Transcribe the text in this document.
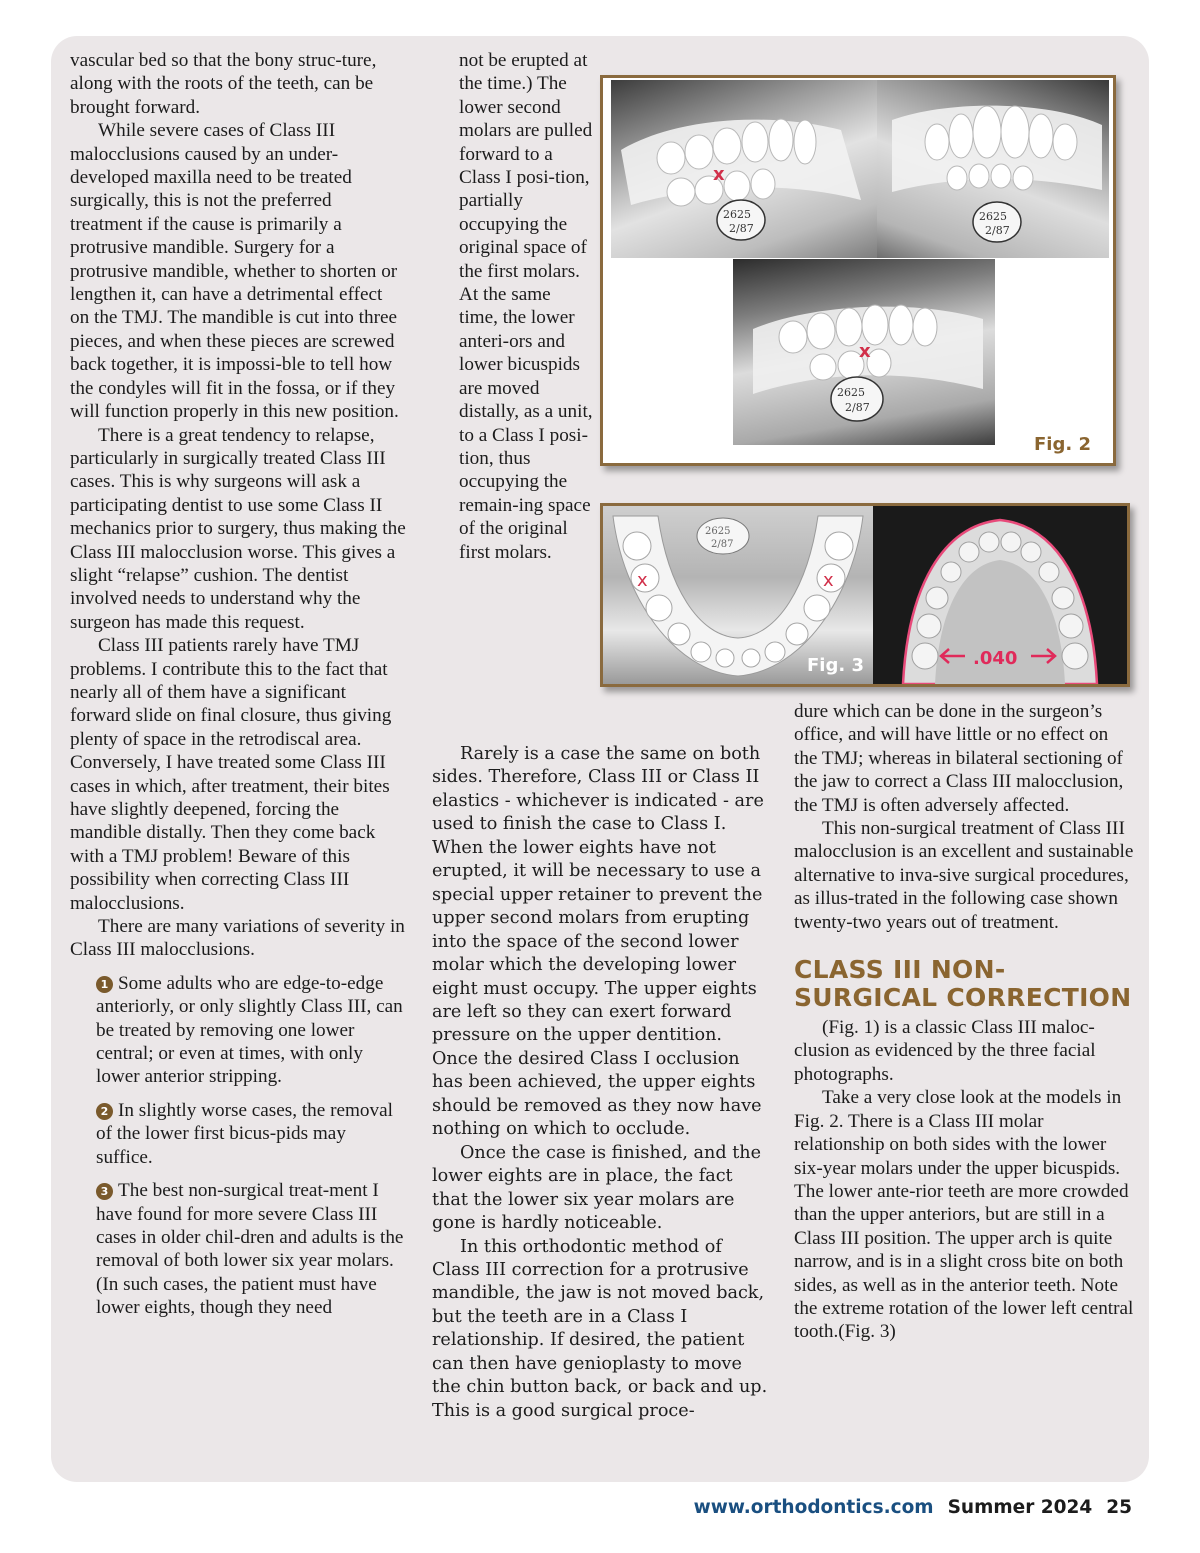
vascular bed so that the bony struc-ture, along with the roots of the teeth, can be brought forward.

While severe cases of Class III malocclusions caused by an under-developed maxilla need to be treated surgically, this is not the preferred treatment if the cause is primarily a protrusive mandible. Surgery for a protrusive mandible, whether to shorten or lengthen it, can have a detrimental effect on the TMJ. The mandible is cut into three pieces, and when these pieces are screwed back together, it is impossi-ble to tell how the condyles will fit in the fossa, or if they will function properly in this new position.

There is a great tendency to relapse, particularly in surgically treated Class III cases. This is why surgeons will ask a participating dentist to use some Class II mechanics prior to surgery, thus making the Class III malocclusion worse. This gives a slight “relapse” cushion. The dentist involved needs to understand why the surgeon has made this request.

Class III patients rarely have TMJ problems. I contribute this to the fact that nearly all of them have a significant forward slide on final closure, thus giving plenty of space in the retrodiscal area. Conversely, I have treated some Class III cases in which, after treatment, their bites have slightly deepened, forcing the mandible distally. Then they come back with a TMJ problem! Beware of this possibility when correcting Class III malocclusions.

There are many variations of severity in Class III malocclusions.

1 Some adults who are edge-to-edge anteriorly, or only slightly Class III, can be treated by removing one lower central; or even at times, with only lower anterior stripping.
2 In slightly worse cases, the removal of the lower first bicus-pids may suffice.
3 The best non-surgical treat-ment I have found for more severe Class III cases in older chil-dren and adults is the removal of both lower six year molars. (In such cases, the patient must have lower eights, though they need

not be erupted at the time.) The lower second molars are pulled forward to a Class I posi-tion, partially occupying the original space of the first molars. At the same time, the lower anteri-ors and lower bicuspids are moved distally, as a unit, to a Class I posi-tion, thus occupying the remain-ing space of the original first molars.

Rarely is a case the same on both sides. Therefore, Class III or Class II elastics - whichever is indicated - are used to finish the case to Class I. When the lower eights have not erupted, it will be necessary to use a special upper retainer to prevent the upper second molars from erupting into the space of the second lower molar which the developing lower eight must occupy. The upper eights are left so they can exert forward pressure on the upper dentition. Once the desired Class I occlusion has been achieved, the upper eights should be removed as they now have nothing on which to occlude.

Once the case is finished, and the lower eights are in place, the fact that the lower six year molars are gone is hardly noticeable.

In this orthodontic method of Class III correction for a protrusive mandible, the jaw is not moved back, but the teeth are in a Class I relationship. If desired, the patient can then have genioplasty to move the chin button back, or back and up. This is a good surgical proce-

dure which can be done in the surgeon’s office, and will have little or no effect on the TMJ; whereas in bilateral sectioning of the jaw to correct a Class III malocclusion, the TMJ is often adversely affected.

This non-surgical treatment of Class III malocclusion is an excellent and sustainable alternative to inva-sive surgical procedures, as illus-trated in the following case shown twenty-two years out of treatment.

CLASS III NON-SURGICAL CORRECTION

(Fig. 1) is a classic Class III maloc-clusion as evidenced by the three facial photographs.

Take a very close look at the models in Fig. 2. There is a Class III molar relationship on both sides with the lower six-year molars under the upper bicuspids. The lower ante-rior teeth are more crowded than the upper anteriors, but are still in a Class III position. The upper arch is quite narrow, and is in a slight cross bite on both sides, as well as in the anterior teeth. Note the extreme rotation of the lower left central tooth.(Fig. 3)

x
2625
2/87
2625
2/87
x
2625
2/87
Fig. 2
x	x
2625
2/87
Fig. 3	.040
www.orthodontics.com Summer 2024 25
